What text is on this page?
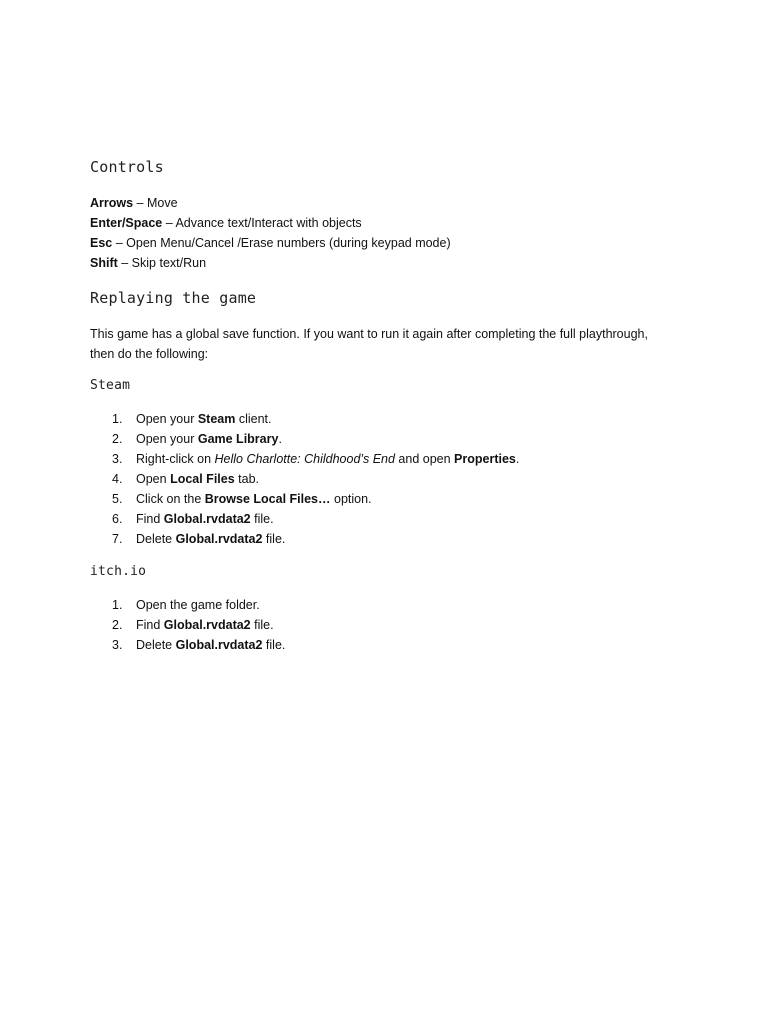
Controls

Arrows – Move

Enter/Space – Advance text/Interact with objects

Esc – Open Menu/Cancel /Erase numbers (during keypad mode)

Shift – Skip text/Run

Replaying the game

This game has a global save function. If you want to run it again after completing the full playthrough,
then do the following:

Steam
1. Open your Steam client.
2. Open your Game Library.
3. Right-click on Hello Charlotte: Childhood’s End and open Properties.
4. Open Local Files tab.
5. Click on the Browse Local Files… option.
6. Find Global.rvdata2 file.
7. Delete Global.rvdata2 file.
itch.io
1. Open the game folder.
2. Find Global.rvdata2 file.
3. Delete Global.rvdata2 file.
